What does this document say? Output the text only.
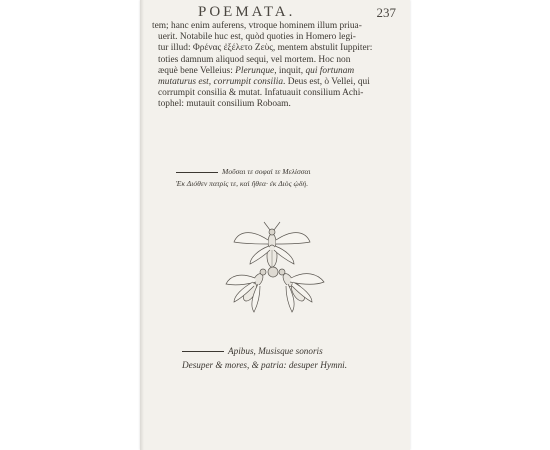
POEMATA.	237
tem; hanc enim auferens, vtroque hominem illum priua-
uerit. Notabile huc est, quòd quoties in Homero legi-
tur illud: Φρένας ἐξέλετο Ζεὺς, mentem abstulit Iuppiter:
toties damnum aliquod sequi, vel mortem. Hoc non
æquè bene Velleius: Plerunque, inquit, qui fortunam
mutaturus est, corrumpit consilia. Deus est, ò Vellei, qui
corrumpit consilia & mutat. Infatuauit consilium Achi-
tophel: mutauit consilium Roboam.
Μοῦσαι τε σοφαὶ τε Μελίσσαι
Ἐκ Διόθεν πατρίς τε, καὶ ἤθεα· ἐκ Διὸς ᾠδή.
Apibus, Musisque sonoris
Desuper & mores, & patria: desuper Hymni.
